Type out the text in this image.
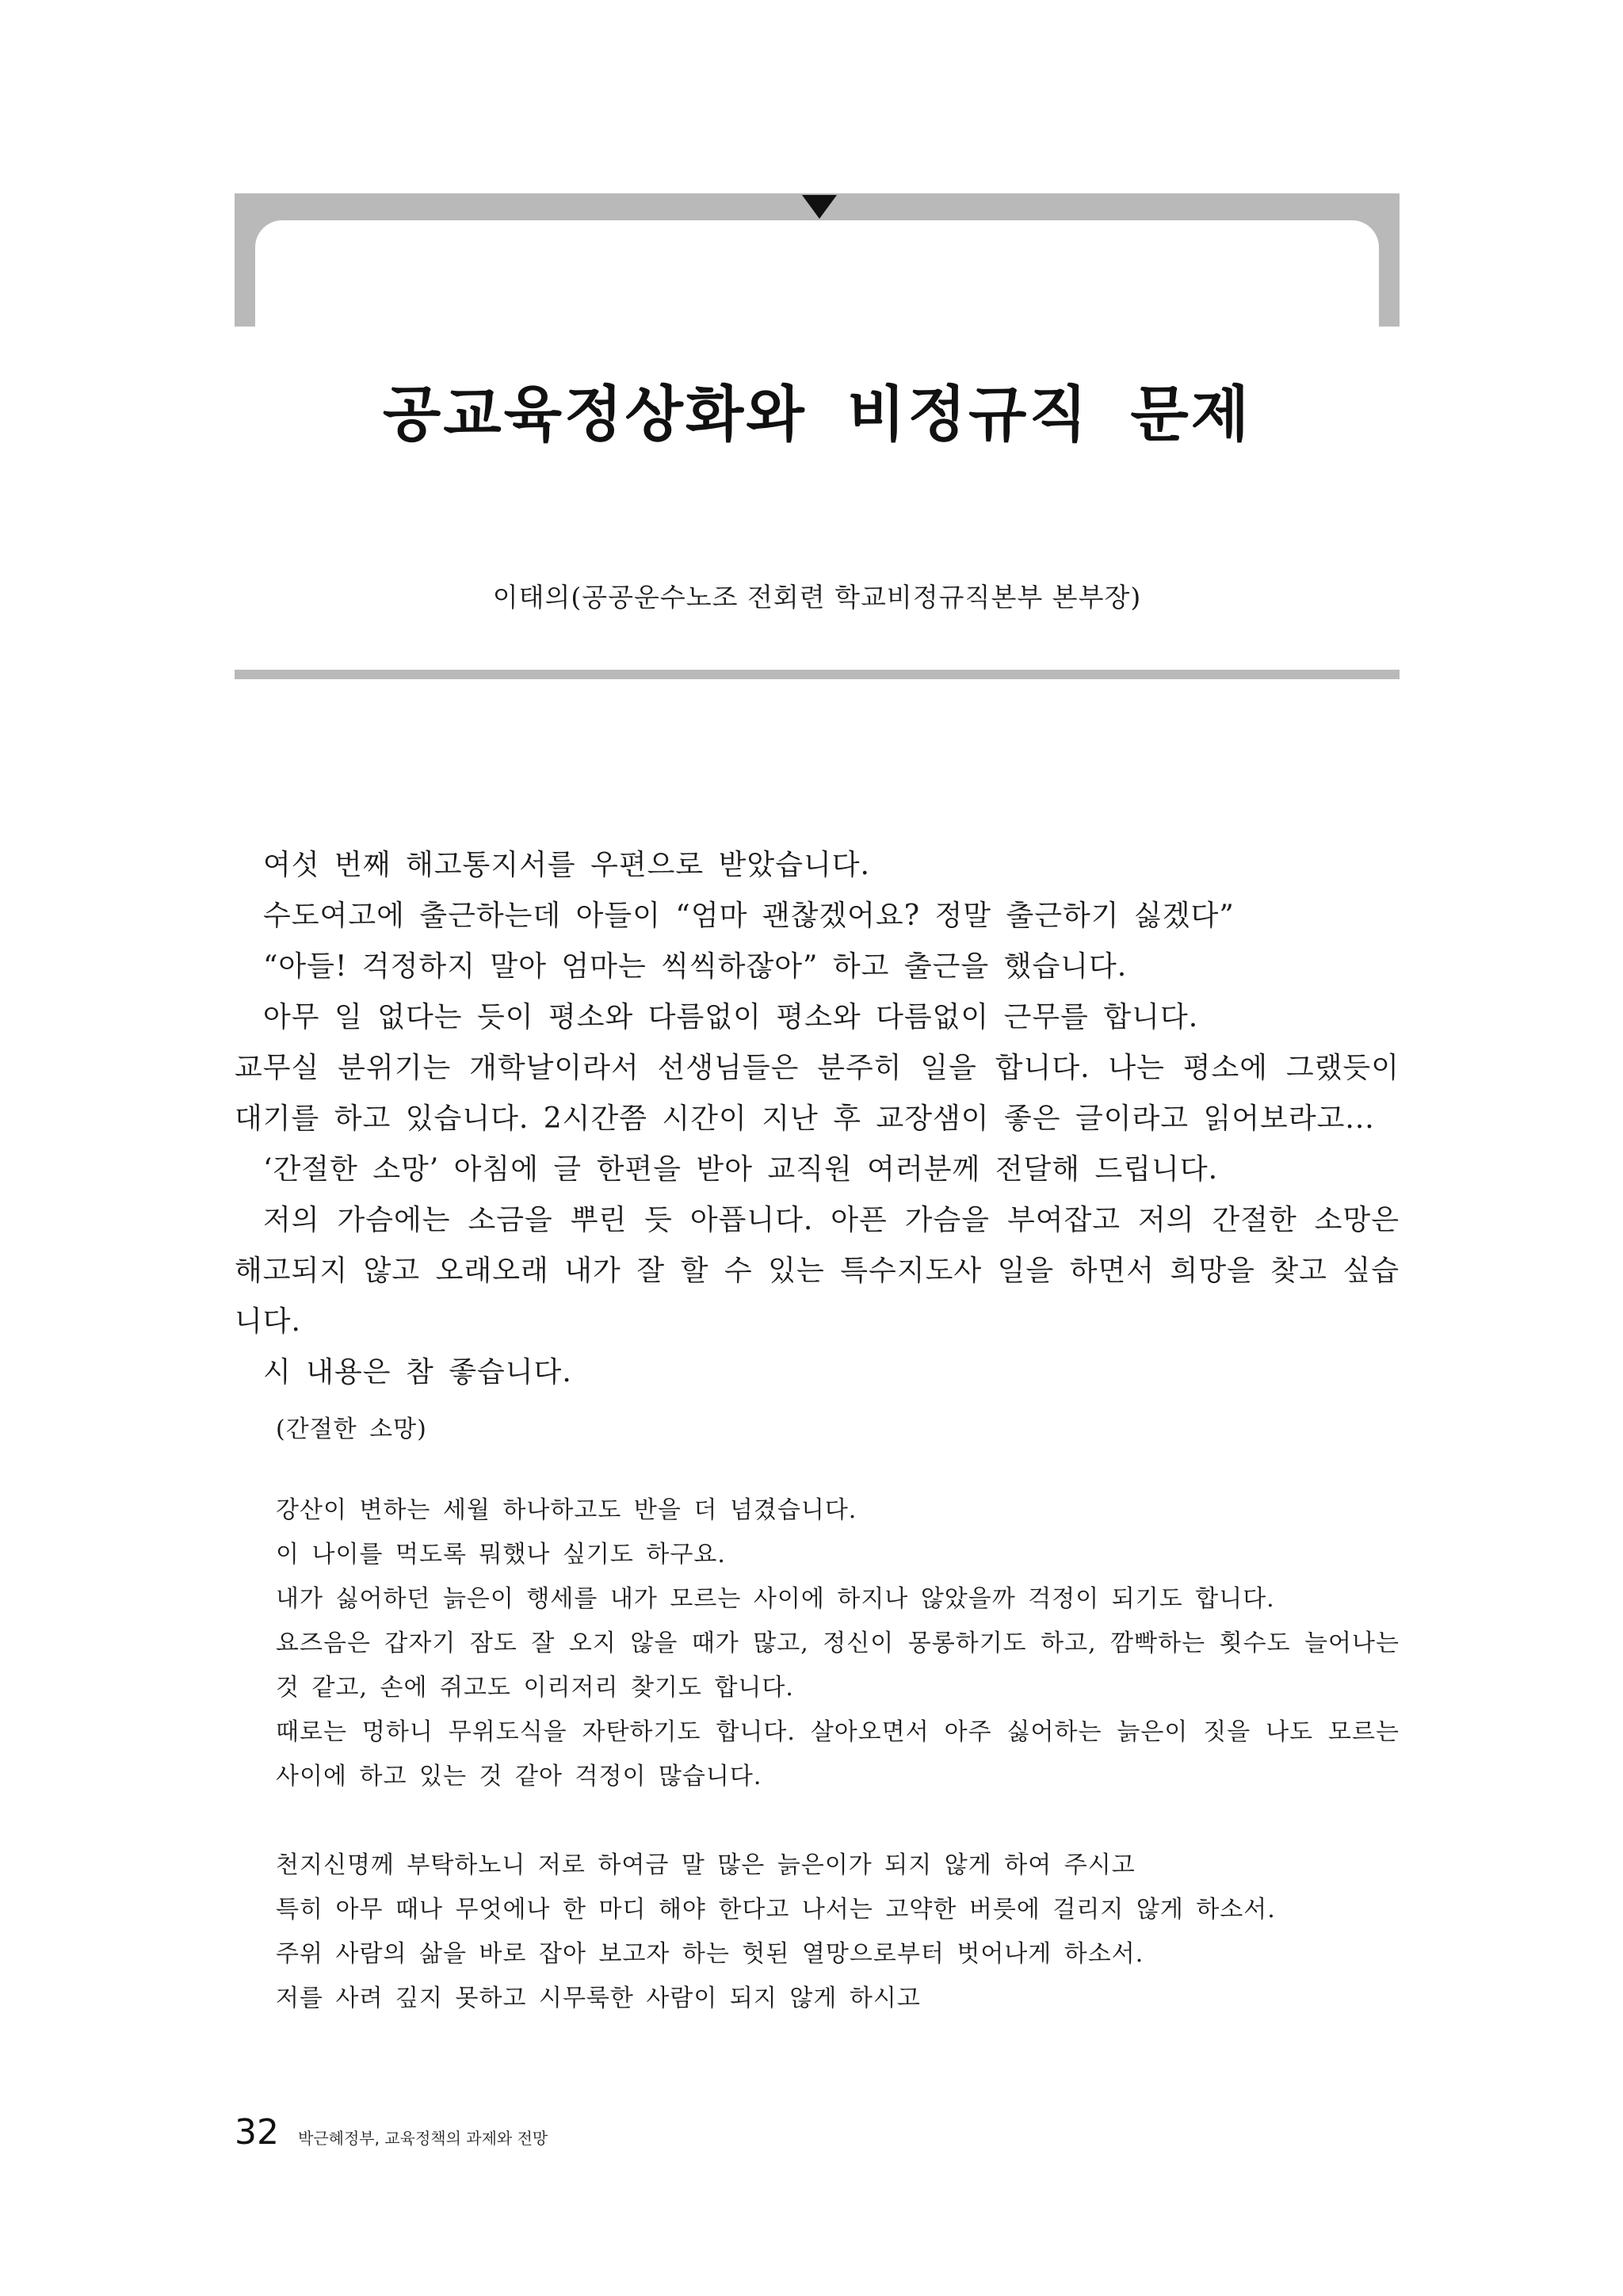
공교육정상화와 비정규직 문제

이태의(공공운수노조 전회련 학교비정규직본부 본부장)

여섯 번째 해고통지서를 우편으로 받았습니다.

수도여고에 출근하는데 아들이 “엄마 괜찮겠어요? 정말 출근하기 싫겠다”

“아들! 걱정하지 말아 엄마는 씩씩하잖아” 하고 출근을 했습니다.

아무 일 없다는 듯이 평소와 다름없이 평소와 다름없이 근무를 합니다.

교무실 분위기는 개학날이라서 선생님들은 분주히 일을 합니다. 나는 평소에 그랬듯이 대기를 하고 있습니다. 2시간쯤 시간이 지난 후 교장샘이 좋은 글이라고 읽어보라고...

‘간절한 소망’ 아침에 글 한편을 받아 교직원 여러분께 전달해 드립니다.

저의 가슴에는 소금을 뿌린 듯 아픕니다. 아픈 가슴을 부여잡고 저의 간절한 소망은 해고되지 않고 오래오래 내가 잘 할 수 있는 특수지도사 일을 하면서 희망을 찾고 싶습니다.

시 내용은 참 좋습니다.

(간절한 소망)

강산이 변하는 세월 하나하고도 반을 더 넘겼습니다.

이 나이를 먹도록 뭐했나 싶기도 하구요.

내가 싫어하던 늙은이 행세를 내가 모르는 사이에 하지나 않았을까 걱정이 되기도 합니다.

요즈음은 갑자기 잠도 잘 오지 않을 때가 많고, 정신이 몽롱하기도 하고, 깜빡하는 횟수도 늘어나는 것 같고, 손에 쥐고도 이리저리 찾기도 합니다.

때로는 멍하니 무위도식을 자탄하기도 합니다. 살아오면서 아주 싫어하는 늙은이 짓을 나도 모르는 사이에 하고 있는 것 같아 걱정이 많습니다.

천지신명께 부탁하노니 저로 하여금 말 많은 늙은이가 되지 않게 하여 주시고

특히 아무 때나 무엇에나 한 마디 해야 한다고 나서는 고약한 버릇에 걸리지 않게 하소서.

주위 사람의 삶을 바로 잡아 보고자 하는 헛된 열망으로부터 벗어나게 하소서.

저를 사려 깊지 못하고 시무룩한 사람이 되지 않게 하시고

32 박근혜정부, 교육정책의 과제와 전망
